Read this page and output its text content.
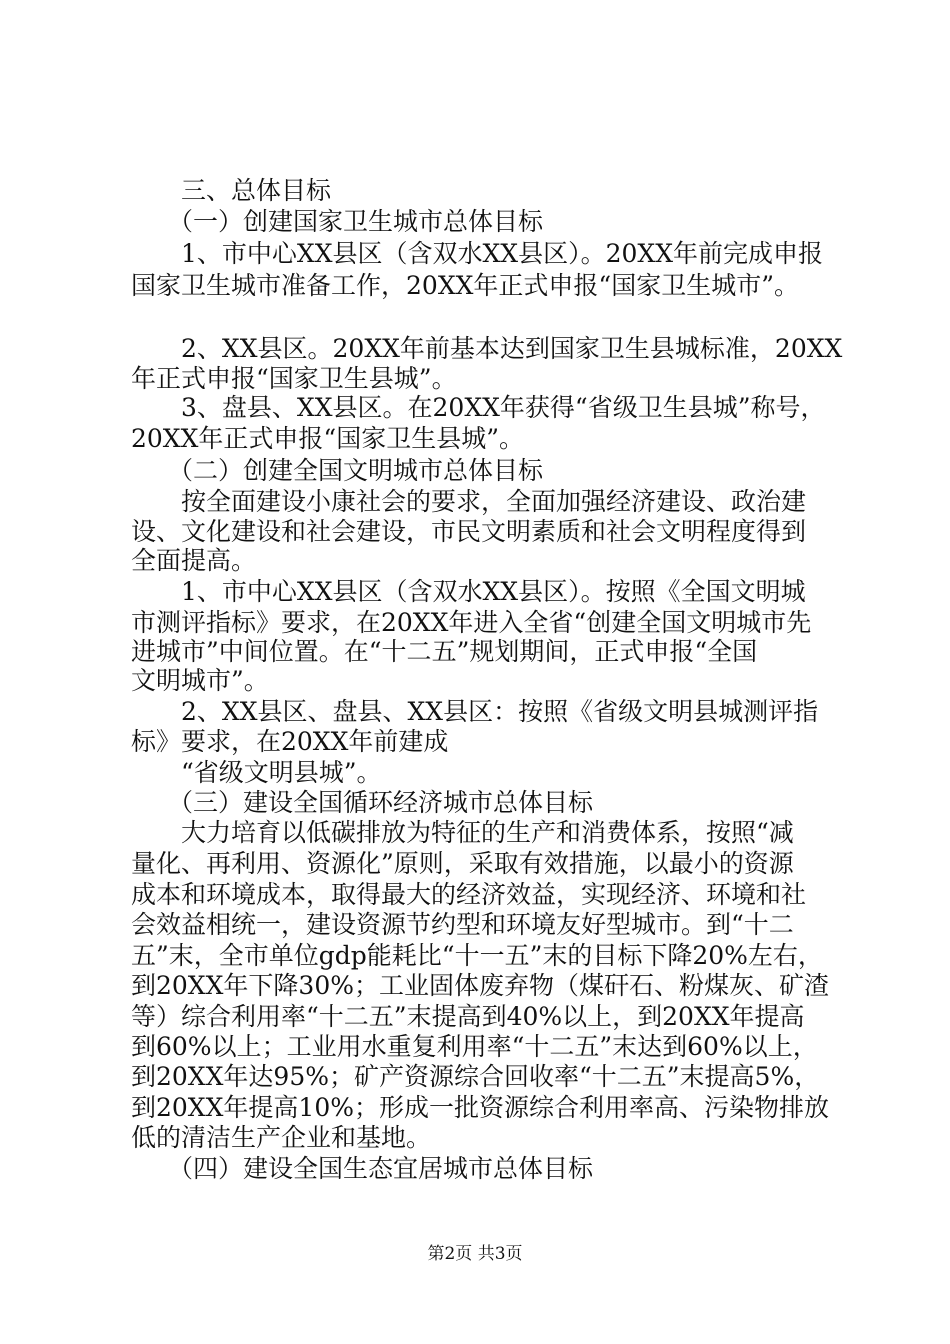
三、总体目标

（一）创建国家卫生城市总体目标

1、市中心XX县区（含双水XX县区）。20XX年前完成申报

国家卫生城市准备工作，20XX年正式申报“国家卫生城市”。

2、XX县区。20XX年前基本达到国家卫生县城标准，20XX

年正式申报“国家卫生县城”。

3、盘县、XX县区。在20XX年获得“省级卫生县城”称号，

20XX年正式申报“国家卫生县城”。

（二）创建全国文明城市总体目标

按全面建设小康社会的要求，全面加强经济建设、政治建

设、文化建设和社会建设，市民文明素质和社会文明程度得到

全面提高。

1、市中心XX县区（含双水XX县区）。按照《全国文明城

市测评指标》要求，在20XX年进入全省“创建全国文明城市先

进城市”中间位置。在“十二五”规划期间，正式申报“全国

文明城市”。

2、XX县区、盘县、XX县区：按照《省级文明县城测评指

标》要求，在20XX年前建成

“省级文明县城”。

（三）建设全国循环经济城市总体目标

大力培育以低碳排放为特征的生产和消费体系，按照“减

量化、再利用、资源化”原则，采取有效措施，以最小的资源

成本和环境成本，取得最大的经济效益，实现经济、环境和社

会效益相统一，建设资源节约型和环境友好型城市。到“十二

五”末，全市单位gdp能耗比“十一五”末的目标下降20%左右，

到20XX年下降30%；工业固体废弃物（煤矸石、粉煤灰、矿渣

等）综合利用率“十二五”末提高到40%以上，到20XX年提高

到60%以上；工业用水重复利用率“十二五”末达到60%以上，

到20XX年达95%；矿产资源综合回收率“十二五”末提高5%，

到20XX年提高10%；形成一批资源综合利用率高、污染物排放

低的清洁生产企业和基地。

（四）建设全国生态宜居城市总体目标

第2页 共3页
